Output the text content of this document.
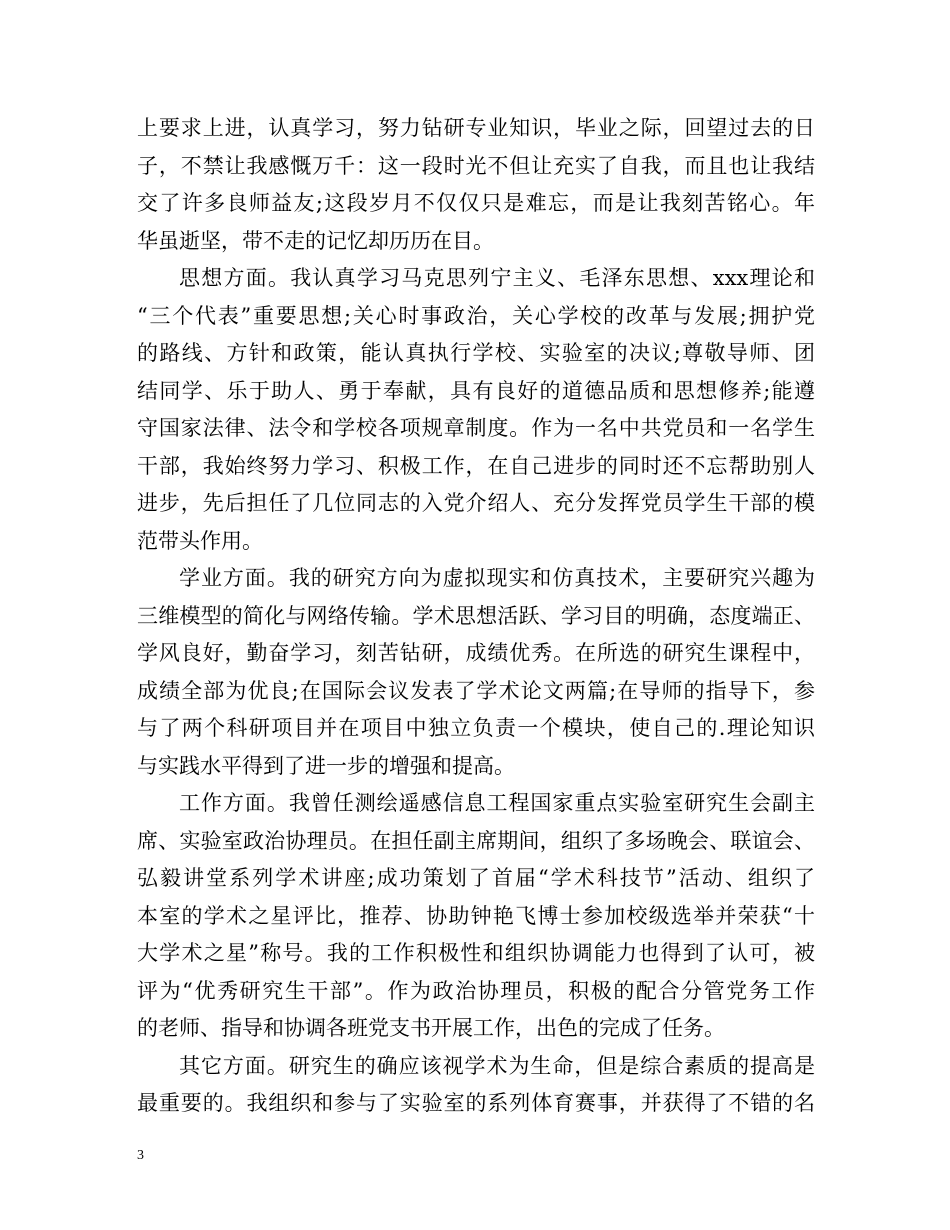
上要求上进，认真学习，努力钻研专业知识，毕业之际，回望过去的日
子，不禁让我感慨万千：这一段时光不但让充实了自我，而且也让我结
交了许多良师益友;这段岁月不仅仅只是难忘，而是让我刻苦铭心。年
华虽逝坚，带不走的记忆却历历在目。
思想方面。我认真学习马克思列宁主义、毛泽东思想、xxx理论和
“三个代表”重要思想;关心时事政治，关心学校的改革与发展;拥护党
的路线、方针和政策，能认真执行学校、实验室的决议;尊敬导师、团
结同学、乐于助人、勇于奉献，具有良好的道德品质和思想修养;能遵
守国家法律、法令和学校各项规章制度。作为一名中共党员和一名学生
干部，我始终努力学习、积极工作，在自己进步的同时还不忘帮助别人
进步，先后担任了几位同志的入党介绍人、充分发挥党员学生干部的模
范带头作用。
学业方面。我的研究方向为虚拟现实和仿真技术，主要研究兴趣为
三维模型的简化与网络传输。学术思想活跃、学习目的明确，态度端正、
学风良好，勤奋学习，刻苦钻研，成绩优秀。在所选的研究生课程中，
成绩全部为优良;在国际会议发表了学术论文两篇;在导师的指导下，参
与了两个科研项目并在项目中独立负责一个模块，使自己的.理论知识
与实践水平得到了进一步的增强和提高。
工作方面。我曾任测绘遥感信息工程国家重点实验室研究生会副主
席、实验室政治协理员。在担任副主席期间，组织了多场晚会、联谊会、
弘毅讲堂系列学术讲座;成功策划了首届“学术科技节”活动、组织了
本室的学术之星评比，推荐、协助钟艳飞博士参加校级选举并荣获“十
大学术之星”称号。我的工作积极性和组织协调能力也得到了认可，被
评为“优秀研究生干部”。作为政治协理员，积极的配合分管党务工作
的老师、指导和协调各班党支书开展工作，出色的完成了任务。
其它方面。研究生的确应该视学术为生命，但是综合素质的提高是
最重要的。我组织和参与了实验室的系列体育赛事，并获得了不错的名
3
